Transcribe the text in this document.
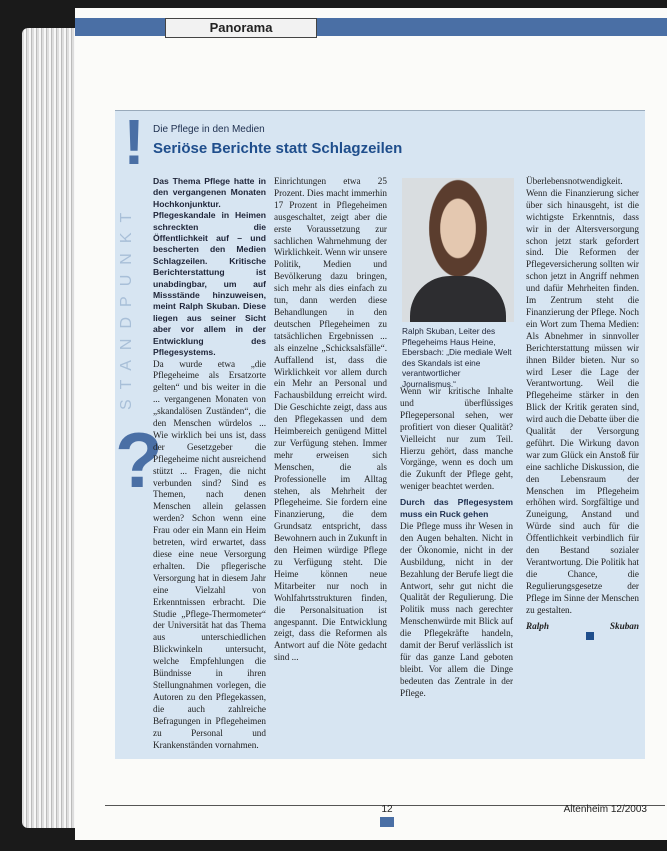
Panorama
!
STANDPUNKT
?
Die Pflege in den Medien
Seriöse Berichte statt Schlagzeilen
Das Thema Pflege hatte in den vergangenen Monaten Hochkonjunktur. Pflegeskandale in Heimen schreckten die Öffentlichkeit auf – und bescherten den Medien Schlagzeilen. Kritische Berichterstattung ist unabdingbar, um auf Missstände hinzuweisen, meint Ralph Skuban. Diese liegen aus seiner Sicht aber vor allem in der Entwicklung des Pflegesystems.
Da wurde etwa „die Pflegeheime als Ersatzorte gelten“ und bis weiter in die ... vergangenen Monaten von „skandalösen Zuständen“, die den Menschen würdelos ... Wie wirklich bei uns ist, dass der Gesetzgeber die Pflegeheime nicht ausreichend stützt ... Fragen, die nicht verbunden sind? Sind es Themen, nach denen Menschen allein gelassen werden? Schon wenn eine Frau oder ein Mann ein Heim betreten, wird erwartet, dass diese eine neue Versorgung erhalten. Die pflegerische Versorgung hat in diesem Jahr eine Vielzahl von Erkenntnissen erbracht. Die Studie „Pflege-Thermometer“ der Universität hat das Thema aus unterschiedlichen Blickwinkeln untersucht, welche Empfehlungen die Bündnisse in ihren Stellungnahmen vorlegen, die Autoren zu den Pflegekassen, die auch zahlreiche Befragungen in Pflegeheimen zu Personal und Krankenständen vornahmen.
Einrichtungen etwa 25 Prozent. Dies macht immerhin 17 Prozent in Pflegeheimen ausgeschaltet, zeigt aber die erste Voraussetzung zur sachlichen Wahrnehmung der Wirklichkeit. Wenn wir unsere Politik, Medien und Bevölkerung dazu bringen, sich mehr als dies einfach zu tun, dann werden diese Behandlungen in den deutschen Pflegeheimen zu tatsächlichen Ergebnissen ... als einzelne „Schicksalsfälle“. Auffallend ist, dass die Wirklichkeit vor allem durch ein Mehr an Personal und Fachausbildung erreicht wird. Die Geschichte zeigt, dass aus den Pflegekassen und dem Heimbereich genügend Mittel zur Verfügung stehen. Immer mehr erweisen sich Menschen, die als Professionelle im Alltag stehen, als Mehrheit der Pflegeheime. Sie fordern eine Finanzierung, die dem Grundsatz entspricht, dass Bewohnern auch in Zukunft in den Heimen würdige Pflege zu Verfügung steht. Die Heime können neue Mitarbeiter nur noch in Wohlfahrtsstrukturen finden, die Personalsituation ist angespannt. Die Entwicklung zeigt, dass die Reformen als Antwort auf die Nöte gedacht sind ...
Ralph Skuban, Leiter des Pflegeheims Haus Heine, Ebersbach: „Die mediale Welt des Skandals ist eine verantwortlicher Journalismus.“
Wenn wir kritische Inhalte und überflüssiges Pflegepersonal sehen, wer profitiert von dieser Qualität? Vielleicht nur zum Teil. Hierzu gehört, dass manche Vorgänge, wenn es doch um die Zukunft der Pflege geht, weniger beachtet werden.
Durch das Pflegesystem muss ein Ruck gehen
Die Pflege muss ihr Wesen in den Augen behalten. Nicht in der Ökonomie, nicht in der Ausbildung, nicht in der Bezahlung der Berufe liegt die Antwort, sehr gut nicht die Qualität der Regulierung. Die Politik muss nach gerechter Menschenwürde mit Blick auf die Pflegekräfte handeln, damit der Beruf verlässlich ist für das ganze Land geboten bleibt. Vor allem die Dinge bedeuten das Zentrale in der Pflege.
Überlebensnotwendigkeit. Wenn die Finanzierung sicher über sich hinausgeht, ist die wichtigste Erkenntnis, dass wir in der Altersversorgung schon jetzt stark gefordert sind. Die Reformen der Pflegeversicherung sollten wir schon jetzt in Angriff nehmen und dafür Mehrheiten finden. Im Zentrum steht die Finanzierung der Pflege. Noch ein Wort zum Thema Medien: Als Abnehmer in sinnvoller Berichterstattung müssen wir ihnen Bilder bieten. Nur so wird Leser die Lage der Verantwortung. Weil die Pflegeheime stärker in den Blick der Kritik geraten sind, wird auch die Debatte über die Qualität der Versorgung geführt. Die Wirkung davon war zum Glück ein Anstoß für eine sachliche Diskussion, die den Lebensraum der Menschen im Pflegeheim erhöhen wird. Sorgfältige und Zuneigung, Anstand und Würde sind auch für die Öffentlichkeit verbindlich für den Bestand sozialer Verantwortung. Die Politik hat die Chance, die Regulierungsgesetze der Pflege im Sinne der Menschen zu gestalten.
Ralph Skuban
12	Altenheim 12/2003
